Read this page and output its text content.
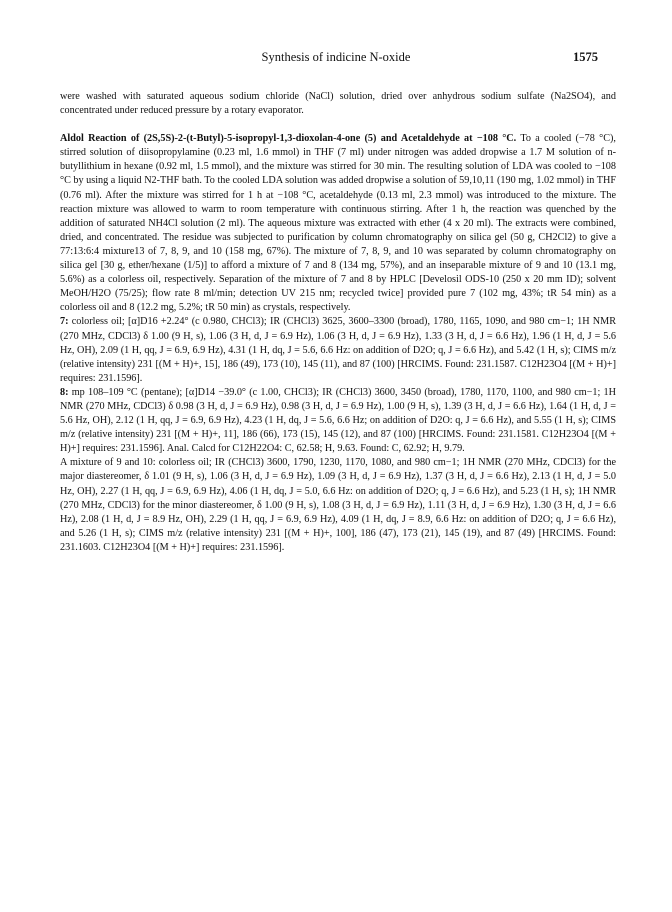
Synthesis of indicine N-oxide	1575

were washed with saturated aqueous sodium chloride (NaCl) solution, dried over anhydrous sodium sulfate (Na2SO4), and concentrated under reduced pressure by a rotary evaporator.

Aldol Reaction of (2S,5S)-2-(t-Butyl)-5-isopropyl-1,3-dioxolan-4-one (5) and Acetaldehyde at −108 °C. To a cooled (−78 °C), stirred solution of diisopropylamine (0.23 ml, 1.6 mmol) in THF (7 ml) under nitrogen was added dropwise a 1.7 M solution of n-butyllithium in hexane (0.92 ml, 1.5 mmol), and the mixture was stirred for 30 min. The resulting solution of LDA was cooled to −108 °C by using a liquid N2-THF bath. To the cooled LDA solution was added dropwise a solution of 59,10,11 (190 mg, 1.02 mmol) in THF (0.76 ml). After the mixture was stirred for 1 h at −108 °C, acetaldehyde (0.13 ml, 2.3 mmol) was introduced to the mixture. The reaction mixture was allowed to warm to room temperature with continuous stirring. After 1 h, the reaction was quenched by the addition of saturated NH4Cl solution (2 ml). The aqueous mixture was extracted with ether (4 x 20 ml). The extracts were combined, dried, and concentrated. The residue was subjected to purification by column chromatography on silica gel (50 g, CH2Cl2) to give a 77:13:6:4 mixture13 of 7, 8, 9, and 10 (158 mg, 67%). The mixture of 7, 8, 9, and 10 was separated by column chromatography on silica gel [30 g, ether/hexane (1/5)] to afford a mixture of 7 and 8 (134 mg, 57%), and an inseparable mixture of 9 and 10 (13.1 mg, 5.6%) as a colorless oil, respectively. Separation of the mixture of 7 and 8 by HPLC [Develosil ODS-10 (250 x 20 mm ID); solvent MeOH/H2O (75/25); flow rate 8 ml/min; detection UV 215 nm; recycled twice] provided pure 7 (102 mg, 43%; tR 54 min) as a colorless oil and 8 (12.2 mg, 5.2%; tR 50 min) as crystals, respectively.

7: colorless oil; [α]D16 +2.24° (c 0.980, CHCl3); IR (CHCl3) 3625, 3600–3300 (broad), 1780, 1165, 1090, and 980 cm−1; 1H NMR (270 MHz, CDCl3) δ 1.00 (9 H, s), 1.06 (3 H, d, J = 6.9 Hz), 1.06 (3 H, d, J = 6.9 Hz), 1.33 (3 H, d, J = 6.6 Hz), 1.96 (1 H, d, J = 5.6 Hz, OH), 2.09 (1 H, qq, J = 6.9, 6.9 Hz), 4.31 (1 H, dq, J = 5.6, 6.6 Hz: on addition of D2O; q, J = 6.6 Hz), and 5.42 (1 H, s); CIMS m/z (relative intensity) 231 [(M + H)+, 15], 186 (49), 173 (10), 145 (11), and 87 (100) [HRCIMS. Found: 231.1587. C12H23O4 [(M + H)+] requires: 231.1596].

8: mp 108–109 °C (pentane); [α]D14 −39.0° (c 1.00, CHCl3); IR (CHCl3) 3600, 3450 (broad), 1780, 1170, 1100, and 980 cm−1; 1H NMR (270 MHz, CDCl3) δ 0.98 (3 H, d, J = 6.9 Hz), 0.98 (3 H, d, J = 6.9 Hz), 1.00 (9 H, s), 1.39 (3 H, d, J = 6.6 Hz), 1.64 (1 H, d, J = 5.6 Hz, OH), 2.12 (1 H, qq, J = 6.9, 6.9 Hz), 4.23 (1 H, dq, J = 5.6, 6.6 Hz; on addition of D2O: q, J = 6.6 Hz), and 5.55 (1 H, s); CIMS m/z (relative intensity) 231 [(M + H)+, 11], 186 (66), 173 (15), 145 (12), and 87 (100) [HRCIMS. Found: 231.1581. C12H23O4 [(M + H)+] requires: 231.1596]. Anal. Calcd for C12H22O4: C, 62.58; H, 9.63. Found: C, 62.92; H, 9.79.

A mixture of 9 and 10: colorless oil; IR (CHCl3) 3600, 1790, 1230, 1170, 1080, and 980 cm−1; 1H NMR (270 MHz, CDCl3) for the major diastereomer, δ 1.01 (9 H, s), 1.06 (3 H, d, J = 6.9 Hz), 1.09 (3 H, d, J = 6.9 Hz), 1.37 (3 H, d, J = 6.6 Hz), 2.13 (1 H, d, J = 5.0 Hz, OH), 2.27 (1 H, qq, J = 6.9, 6.9 Hz), 4.06 (1 H, dq, J = 5.0, 6.6 Hz: on addition of D2O; q, J = 6.6 Hz), and 5.23 (1 H, s); 1H NMR (270 MHz, CDCl3) for the minor diastereomer, δ 1.00 (9 H, s), 1.08 (3 H, d, J = 6.9 Hz), 1.11 (3 H, d, J = 6.9 Hz), 1.30 (3 H, d, J = 6.6 Hz), 2.08 (1 H, d, J = 8.9 Hz, OH), 2.29 (1 H, qq, J = 6.9, 6.9 Hz), 4.09 (1 H, dq, J = 8.9, 6.6 Hz: on addition of D2O; q, J = 6.6 Hz), and 5.26 (1 H, s); CIMS m/z (relative intensity) 231 [(M + H)+, 100], 186 (47), 173 (21), 145 (19), and 87 (49) [HRCIMS. Found: 231.1603. C12H23O4 [(M + H)+] requires: 231.1596].
